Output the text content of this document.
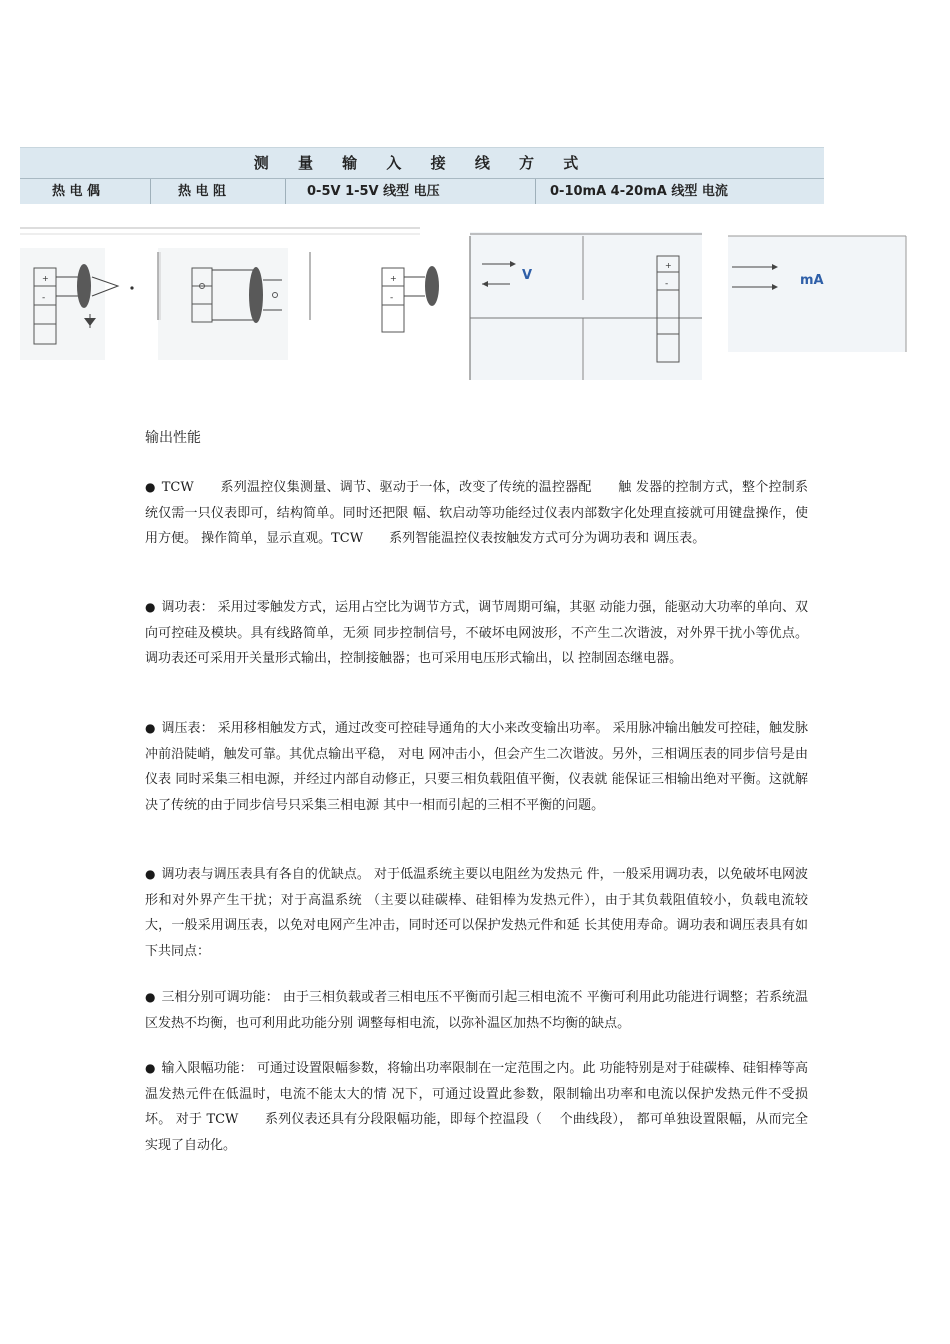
测 量 输 入 接 线 方 式
热 电 偶	热 电 阻	0-5V 1-5V 线型 电压	0-10mA 4-20mA 线型 电流
+
-
+
-
V
+
-	mA
输出性能
● TCW　　系列温控仪集测量、调节、驱动于一体，改变了传统的温控器配　　触 发器的控制方式，整个控制系统仅需一只仪表即可，结构简单。同时还把限 幅、软启动等功能经过仪表内部数字化处理直接就可用键盘操作，使用方便。 操作简单，显示直观。TCW　　系列智能温控仪表按触发方式可分为调功表和 调压表。
● 调功表： 采用过零触发方式，运用占空比为调节方式，调节周期可编，其驱 动能力强，能驱动大功率的单向、双向可控硅及模块。具有线路简单，无须 同步控制信号，不破坏电网波形，不产生二次谐波，对外界干扰小等优点。 调功表还可采用开关量形式输出，控制接触器；也可采用电压形式输出，以 控制固态继电器。
● 调压表： 采用移相触发方式，通过改变可控硅导通角的大小来改变输出功率。 采用脉冲输出触发可控硅，触发脉冲前沿陡峭，触发可靠。其优点输出平稳， 对电 网冲击小，但会产生二次谐波。另外，三相调压表的同步信号是由仪表 同时采集三相电源，并经过内部自动修正，只要三相负载阻值平衡，仪表就 能保证三相输出绝对平衡。这就解决了传统的由于同步信号只采集三相电源 其中一相而引起的三相不平衡的问题。
● 调功表与调压表具有各自的优缺点。 对于低温系统主要以电阻丝为发热元 件，一般采用调功表，以免破坏电网波形和对外界产生干扰；对于高温系统 （主要以硅碳棒、硅钼棒为发热元件），由于其负载阻值较小，负载电流较 大，一般采用调压表，以免对电网产生冲击，同时还可以保护发热元件和延 长其使用寿命。调功表和调压表具有如下共同点：
● 三相分别可调功能： 由于三相负载或者三相电压不平衡而引起三相电流不 平衡可利用此功能进行调整；若系统温区发热不均衡，也可利用此功能分别 调整每相电流，以弥补温区加热不均衡的缺点。
● 输入限幅功能： 可通过设置限幅参数，将输出功率限制在一定范围之内。此 功能特别是对于硅碳棒、硅钼棒等高温发热元件在低温时，电流不能太大的情 况下，可通过设置此参数，限制输出功率和电流以保护发热元件不受损坏。 对于 TCW　　系列仪表还具有分段限幅功能，即每个控温段（　 个曲线段）， 都可单独设置限幅，从而完全实现了自动化。
